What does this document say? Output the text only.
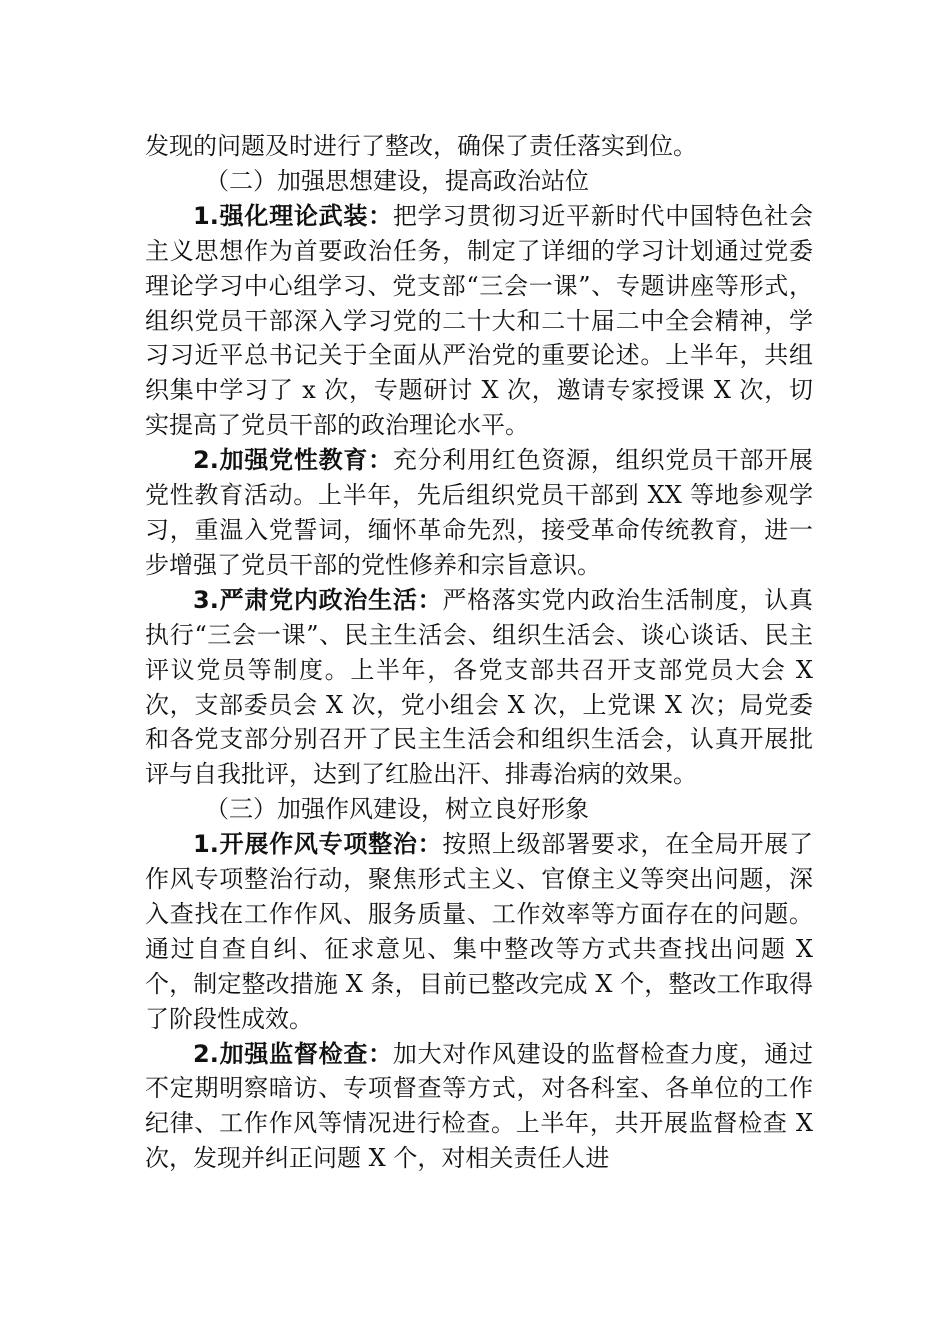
发现的问题及时进行了整改，确保了责任落实到位。

（二）加强思想建设，提高政治站位

1.强化理论武装：把学习贯彻习近平新时代中国特色社会主义思想作为首要政治任务，制定了详细的学习计划通过党委理论学习中心组学习、党支部“三会一课”、专题讲座等形式，组织党员干部深入学习党的二十大和二十届二中全会精神，学习习近平总书记关于全面从严治党的重要论述。上半年，共组织集中学习了 x 次，专题研讨 X 次，邀请专家授课 X 次，切实提高了党员干部的政治理论水平。

2.加强党性教育：充分利用红色资源，组织党员干部开展党性教育活动。上半年，先后组织党员干部到 XX 等地参观学习，重温入党誓词，缅怀革命先烈，接受革命传统教育，进一步增强了党员干部的党性修养和宗旨意识。

3.严肃党内政治生活：严格落实党内政治生活制度，认真执行“三会一课”、民主生活会、组织生活会、谈心谈话、民主评议党员等制度。上半年，各党支部共召开支部党员大会 X 次，支部委员会 X 次，党小组会 X 次，上党课 X 次；局党委和各党支部分别召开了民主生活会和组织生活会，认真开展批评与自我批评，达到了红脸出汗、排毒治病的效果。

（三）加强作风建设，树立良好形象

1.开展作风专项整治：按照上级部署要求，在全局开展了作风专项整治行动，聚焦形式主义、官僚主义等突出问题，深入查找在工作作风、服务质量、工作效率等方面存在的问题。通过自查自纠、征求意见、集中整改等方式共查找出问题 X 个，制定整改措施 X 条，目前已整改完成 X 个，整改工作取得了阶段性成效。

2.加强监督检查：加大对作风建设的监督检查力度，通过不定期明察暗访、专项督查等方式，对各科室、各单位的工作纪律、工作作风等情况进行检查。上半年，共开展监督检查 X 次，发现并纠正问题 X 个，对相关责任人进
